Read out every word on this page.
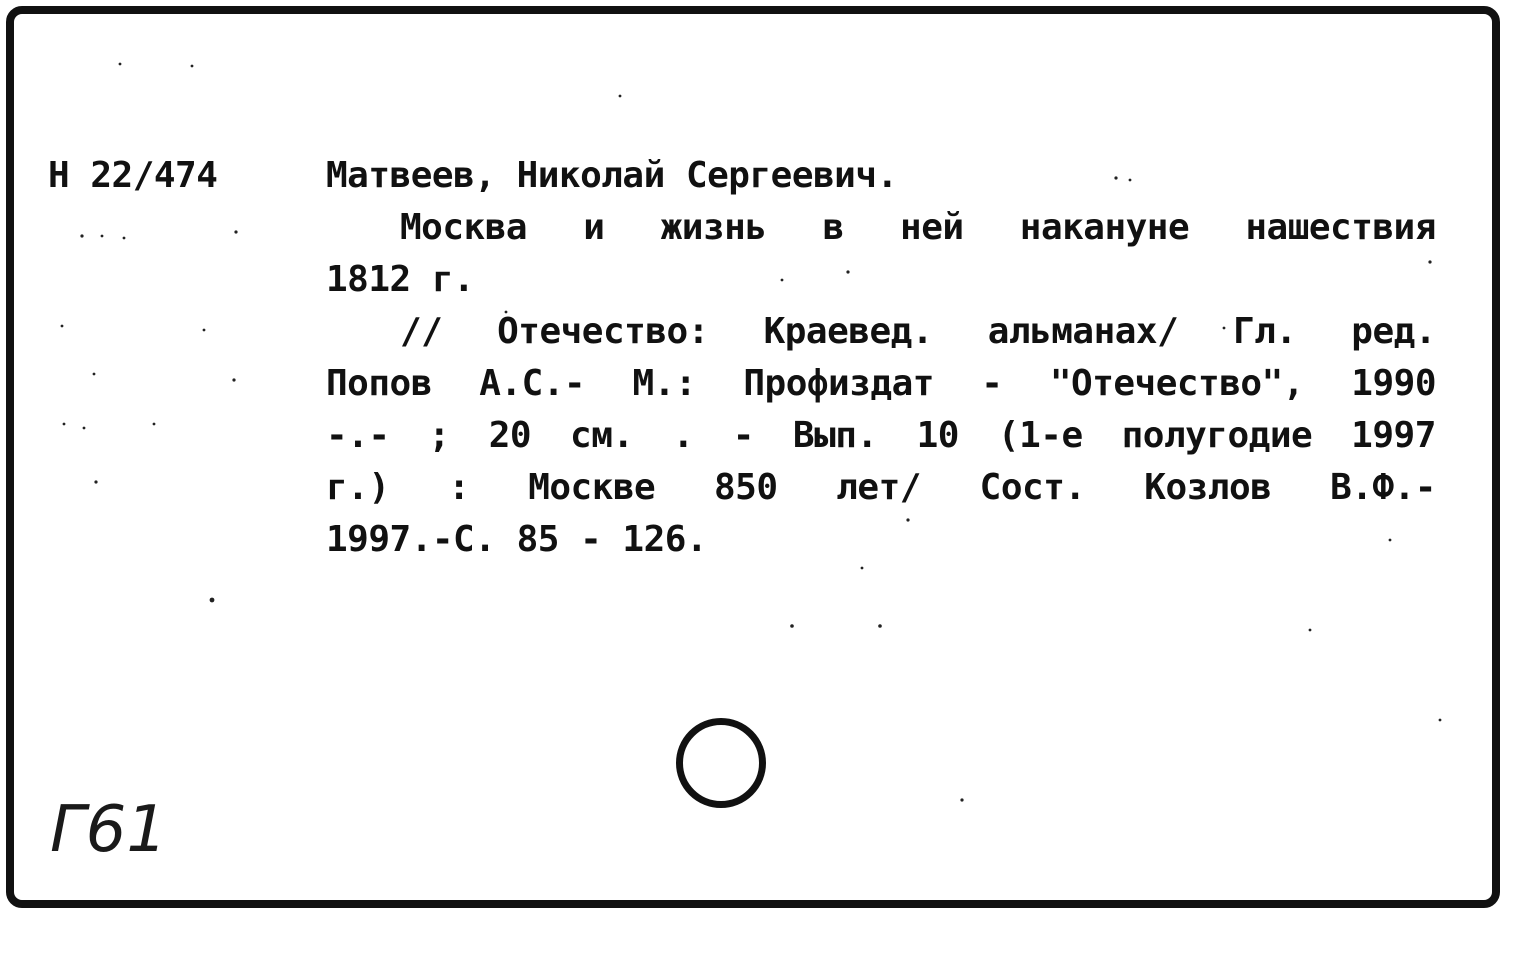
Н 22/474	Матвеев, Николай Сергеевич.
Москва и жизнь в ней накануне нашествия
1812 г.
// Отечество: Краевед. альманах/ Гл. ред.
Попов А.С.- М.: Профиздат - "Отечество", 1990
-.- ; 20 см. . - Вып. 10 (1-е полугодие 1997
г.) : Москве 850 лет/ Сост. Козлов В.Ф.-
1997.-С. 85 - 126.
Г61
